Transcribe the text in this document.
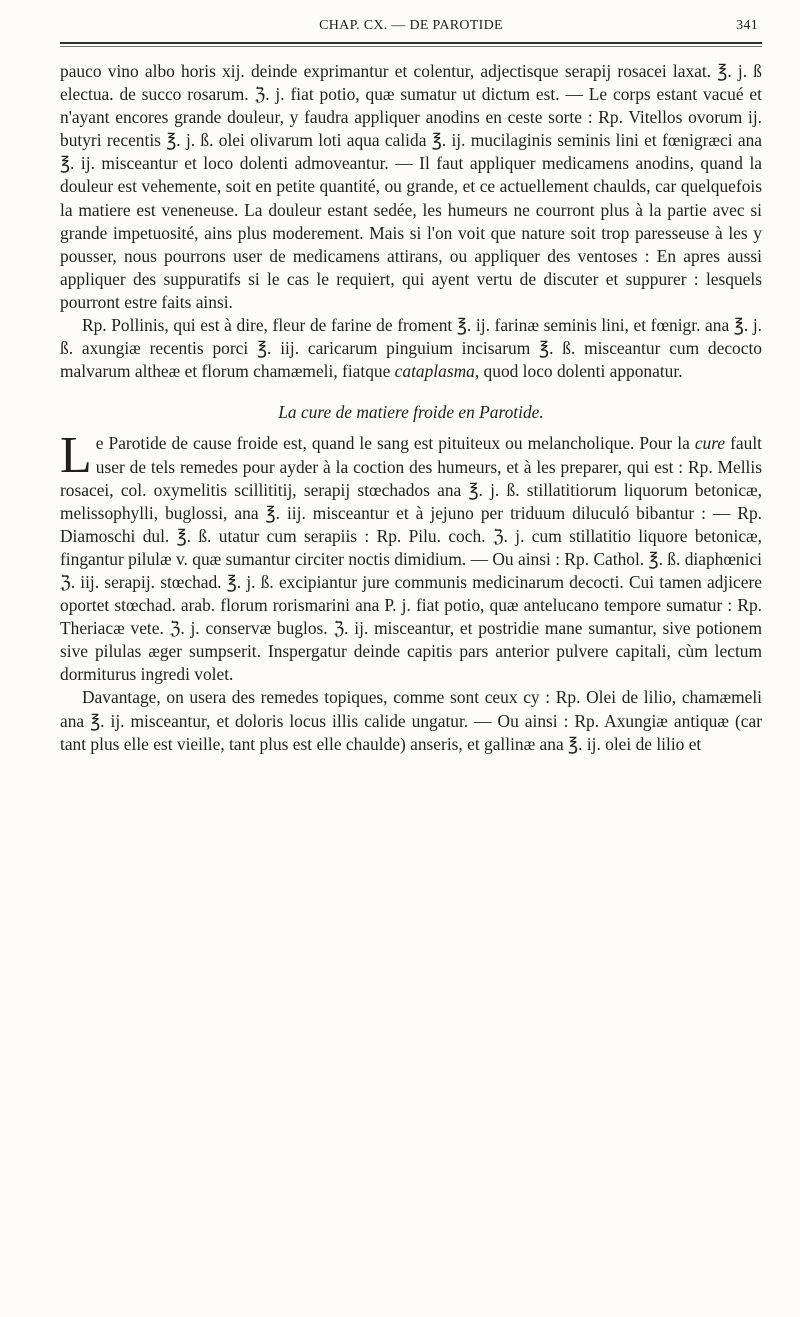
CHAP. CX. — DE PAROTIDE	341

pauco vino albo horis xij. deinde exprimantur et colentur, adjectisque serapij rosacei laxat. ℥. j. ß electua. de succo rosarum. ℨ. j. fiat potio, quæ sumatur ut dictum est. — Le corps estant vacué et n'ayant encores grande douleur, y faudra appliquer anodins en ceste sorte : Rp. Vitellos ovorum ij. butyri recentis ℥. j. ß. olei olivarum loti aqua calida ℥. ij. mucilaginis seminis lini et fœnigræci ana ℥. ij. misceantur et loco dolenti admoveantur. — Il faut appliquer medicamens anodins, quand la douleur est vehemente, soit en petite quantité, ou grande, et ce actuellement chaulds, car quelquefois la matiere est veneneuse. La douleur estant sedée, les humeurs ne courront plus à la partie avec si grande impetuosité, ains plus moderement. Mais si l'on voit que nature soit trop paresseuse à les y pousser, nous pourrons user de medicamens attirans, ou appliquer des ventoses : En apres aussi appliquer des suppuratifs si le cas le requiert, qui ayent vertu de discuter et suppurer : lesquels pourront estre faits ainsi.

Rp. Pollinis, qui est à dire, fleur de farine de froment ℥. ij. farinæ seminis lini, et fœnigr. ana ℥. j. ß. axungiæ recentis porci ℥. iij. caricarum pinguium incisarum ℥. ß. misceantur cum decocto malvarum altheæ et florum chamæmeli, fiatque cataplasma, quod loco dolenti apponatur.

La cure de matiere froide en Parotide.

Le Parotide de cause froide est, quand le sang est pituiteux ou melancholique. Pour la cure fault user de tels remedes pour ayder à la coction des humeurs, et à les preparer, qui est : Rp. Mellis rosacei, col. oxymelitis scillititij, serapij stœchados ana ℥. j. ß. stillatitiorum liquorum betonicæ, melissophylli, buglossi, ana ℥. iij. misceantur et à jejuno per triduum diluculó bibantur : — Rp. Diamoschi dul. ℥. ß. utatur cum serapiis : Rp. Pilu. coch. ℨ. j. cum stillatitio liquore betonicæ, fingantur pilulæ v. quæ sumantur circiter noctis dimidium. — Ou ainsi : Rp. Cathol. ℥. ß. diaphœnici ℨ. iij. serapij. stœchad. ℥. j. ß. excipiantur jure communis medicinarum decocti. Cui tamen adjicere oportet stœchad. arab. florum rorismarini ana P. j. fiat potio, quæ antelucano tempore sumatur : Rp. Theriacæ vete. ℨ. j. conservæ buglos. ℨ. ij. misceantur, et postridie mane sumantur, sive potionem sive pilulas æger sumpserit. Inspergatur deinde capitis pars anterior pulvere capitali, cùm lectum dormiturus ingredi volet.

Davantage, on usera des remedes topiques, comme sont ceux cy : Rp. Olei de lilio, chamæmeli ana ℥. ij. misceantur, et doloris locus illis calide ungatur. — Ou ainsi : Rp. Axungiæ antiquæ (car tant plus elle est vieille, tant plus est elle chaulde) anseris, et gallinæ ana ℥. ij. olei de lilio et
